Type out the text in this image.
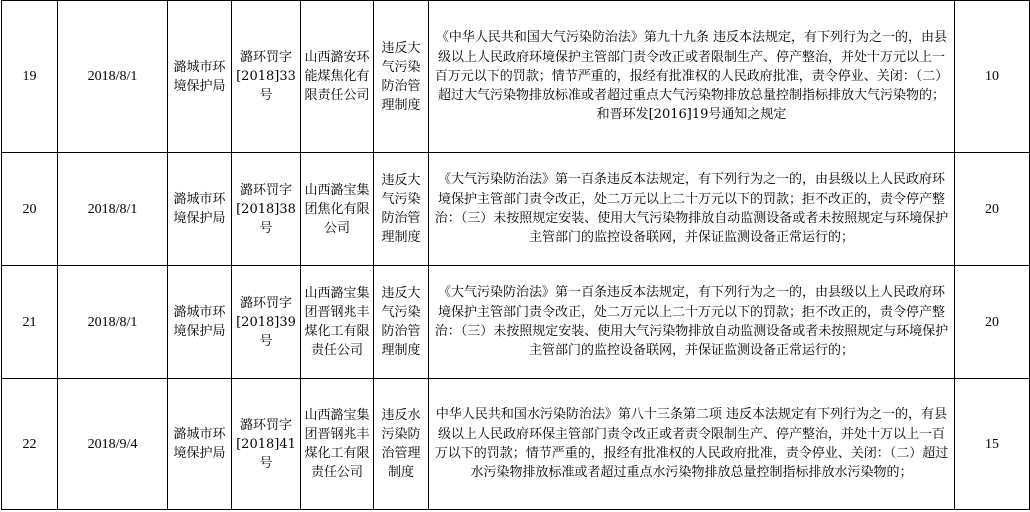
19	2018/8/1	潞城市环境保护局	潞环罚字[2018]33号	山西潞安环能煤焦化有限责任公司	违反大气污染防治管理制度	《中华人民共和国大气污染防治法》第九十九条 违反本法规定，有下列行为之一的，由县级以上人民政府环境保护主管部门责令改正或者限制生产、停产整治，并处十万元以上一百万元以下的罚款；情节严重的，报经有批准权的人民政府批准，责令停业、关闭：（二）超过大气污染物排放标准或者超过重点大气污染物排放总量控制指标排放大气污染物的；和晋环发[2016]19号通知之规定	10
20	2018/8/1	潞城市环境保护局	潞环罚字[2018]38号	山西潞宝集团焦化有限公司	违反大气污染防治管理制度	《大气污染防治法》第一百条违反本法规定，有下列行为之一的，由县级以上人民政府环境保护主管部门责令改正，处二万元以上二十万元以下的罚款；拒不改正的，责令停产整治：（三）未按照规定安装、使用大气污染物排放自动监测设备或者未按照规定与环境保护主管部门的监控设备联网，并保证监测设备正常运行的；	20
21	2018/8/1	潞城市环境保护局	潞环罚字[2018]39号	山西潞宝集团晋钢兆丰煤化工有限责任公司	违反大气污染防治管理制度	《大气污染防治法》第一百条违反本法规定，有下列行为之一的，由县级以上人民政府环境保护主管部门责令改正，处二万元以上二十万元以下的罚款；拒不改正的，责令停产整治：（三）未按照规定安装、使用大气污染物排放自动监测设备或者未按照规定与环境保护主管部门的监控设备联网，并保证监测设备正常运行的；	20
22	2018/9/4	潞城市环境保护局	潞环罚字[2018]41号	山西潞宝集团晋钢兆丰煤化工有限责任公司	违反水污染防治管理制度	中华人民共和国水污染防治法》第八十三条第二项 违反本法规定有下列行为之一的，有县级以上人民政府环保主管部门责令改正或者责令限制生产、停产整治，并处十万以上一百万以下的罚款；情节严重的，报经有批准权的人民政府批准，责令停业、关闭：（二）超过水污染物排放标准或者超过重点水污染物排放总量控制指标排放水污染物的；	15
